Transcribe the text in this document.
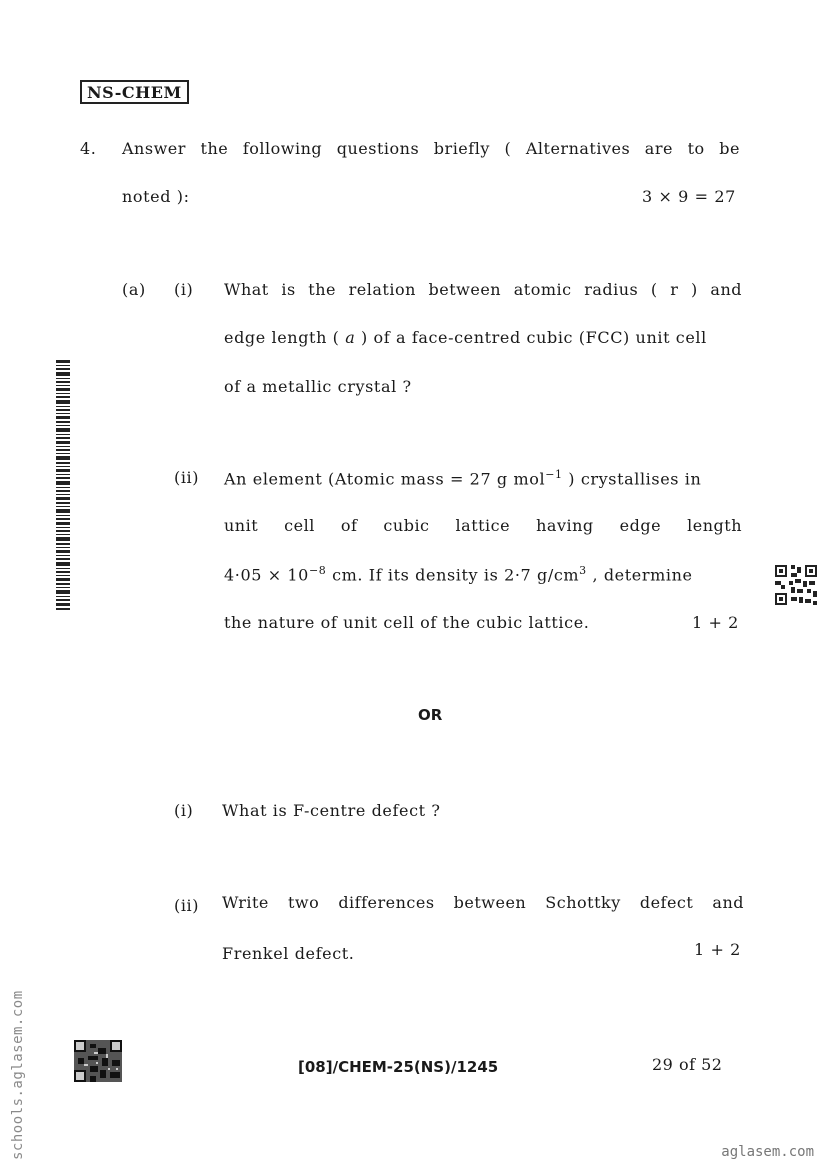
NS-CHEM
4. Answer the following questions briefly ( Alternatives are to be
noted ):	3 × 9 = 27
(a) (i) What is the relation between atomic radius ( r ) and
edge length ( a ) of a face-centred cubic (FCC) unit cell
of a metallic crystal ?
(ii) An element (Atomic mass = 27 g mol$^{-1}$ ) crystallises in
unit cell of cubic lattice having edge length
$4\cdot 05 \times 10^{-8}$ cm. If its density is 2·7 $g/cm^3$ , determine
the nature of unit cell of the cubic lattice.	1 + 2
OR
(i) What is F-centre defect ?
(ii) Write two differences between Schottky defect and
Frenkel defect.	1 + 2
[08]/CHEM-25(NS)/1245	29 of 52
schools.aglasem.com	aglasem.com
